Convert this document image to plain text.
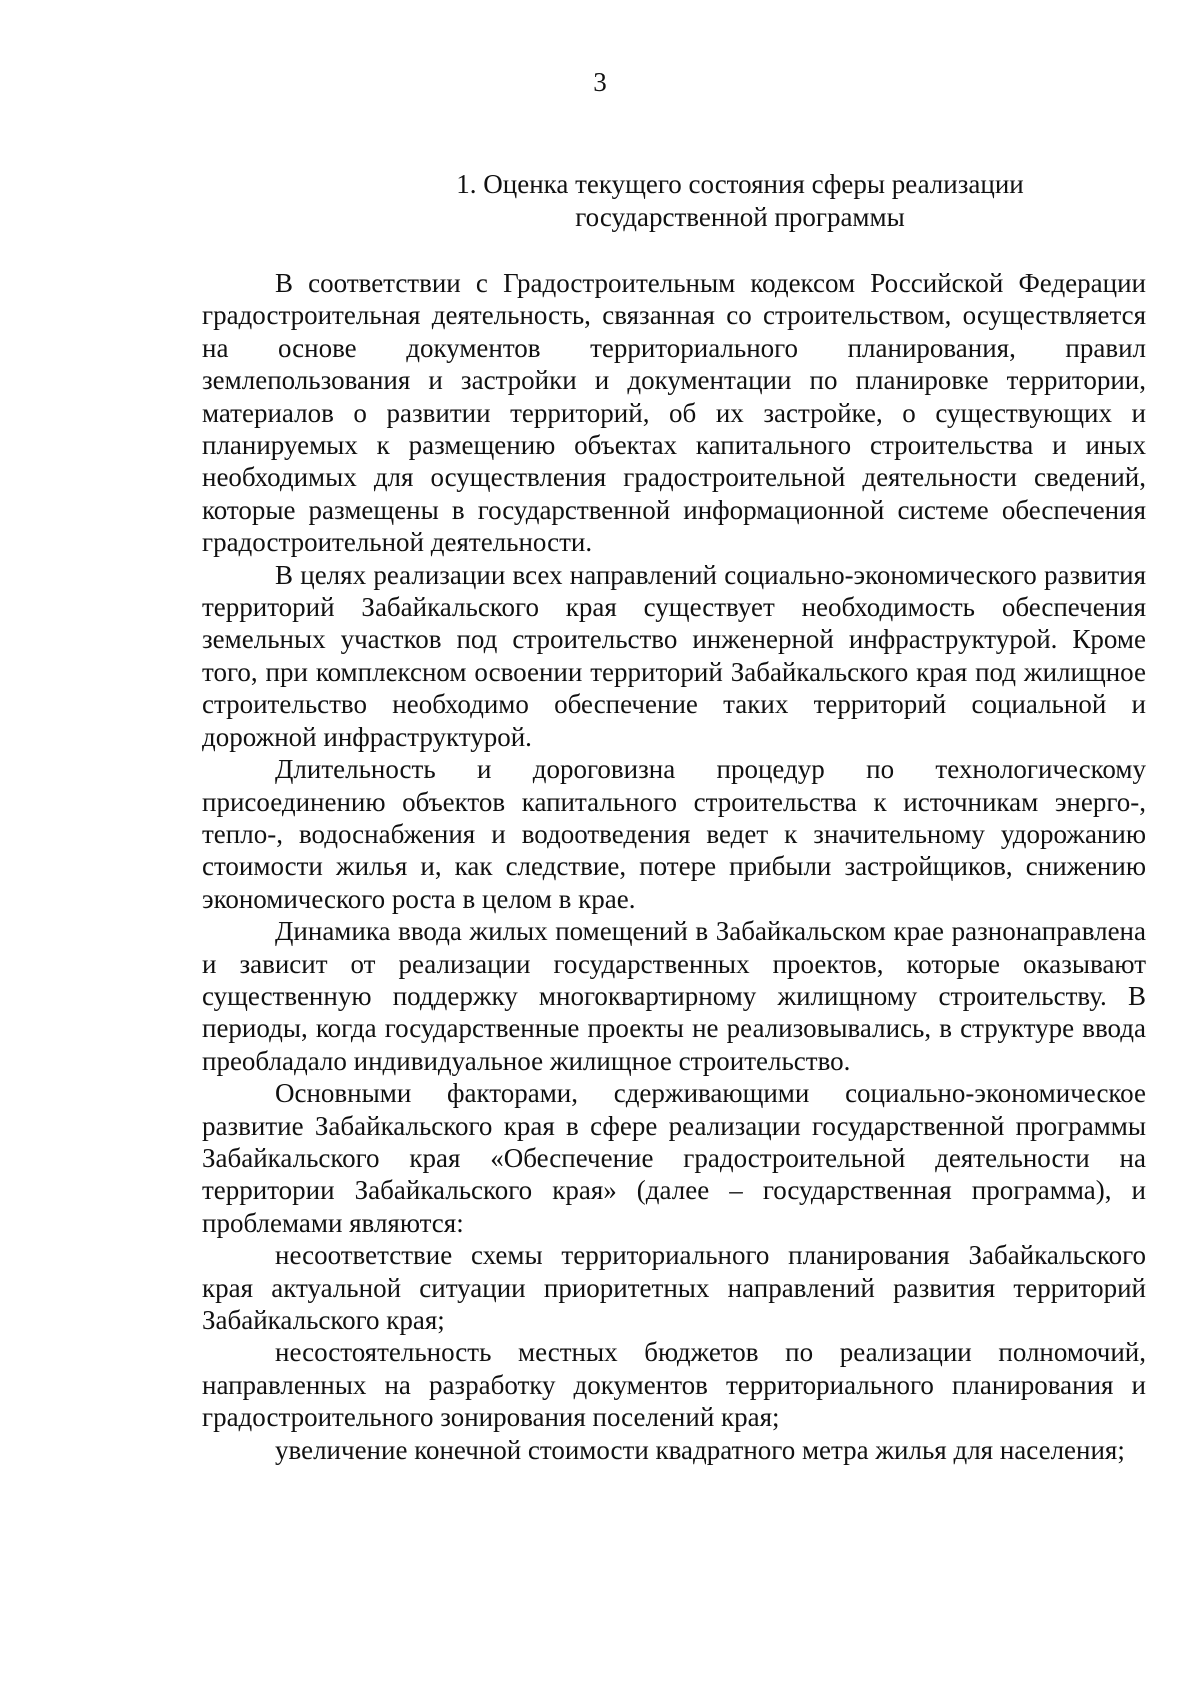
3
1. Оценка текущего состояния сферы реализации
государственной программы

В соответствии с Градостроительным кодексом Российской Федерации градостроительная деятельность, связанная со строительством, осуществляется на основе документов территориального планирования, правил землепользования и застройки и документации по планировке территории, материалов о развитии территорий, об их застройке, о существующих и планируемых к размещению объектах капитального строительства и иных необходимых для осуществления градостроительной деятельности сведений, которые размещены в государственной информационной системе обеспечения градостроительной деятельности.

В целях реализации всех направлений социально-экономического развития территорий Забайкальского края существует необходимость обеспечения земельных участков под строительство инженерной инфраструктурой. Кроме того, при комплексном освоении территорий Забайкальского края под жилищное строительство необходимо обеспечение таких территорий социальной и дорожной инфраструктурой.

Длительность и дороговизна процедур по технологическому присоединению объектов капитального строительства к источникам энерго-, тепло-, водоснабжения и водоотведения ведет к значительному удорожанию стоимости жилья и, как следствие, потере прибыли застройщиков, снижению экономического роста в целом в крае.

Динамика ввода жилых помещений в Забайкальском крае разнонаправлена и зависит от реализации государственных проектов, которые оказывают существенную поддержку многоквартирному жилищному строительству. В периоды, когда государственные проекты не реализовывались, в структуре ввода преобладало индивидуальное жилищное строительство.

Основными факторами, сдерживающими социально-экономическое развитие Забайкальского края в сфере реализации государственной программы Забайкальского края «Обеспечение градостроительной деятельности на территории Забайкальского края» (далее – государственная программа), и проблемами являются:

несоответствие схемы территориального планирования Забайкальского края актуальной ситуации приоритетных направлений развития территорий Забайкальского края;

несостоятельность местных бюджетов по реализации полномочий, направленных на разработку документов территориального планирования и градостроительного зонирования поселений края;

увеличение конечной стоимости квадратного метра жилья для населения;
